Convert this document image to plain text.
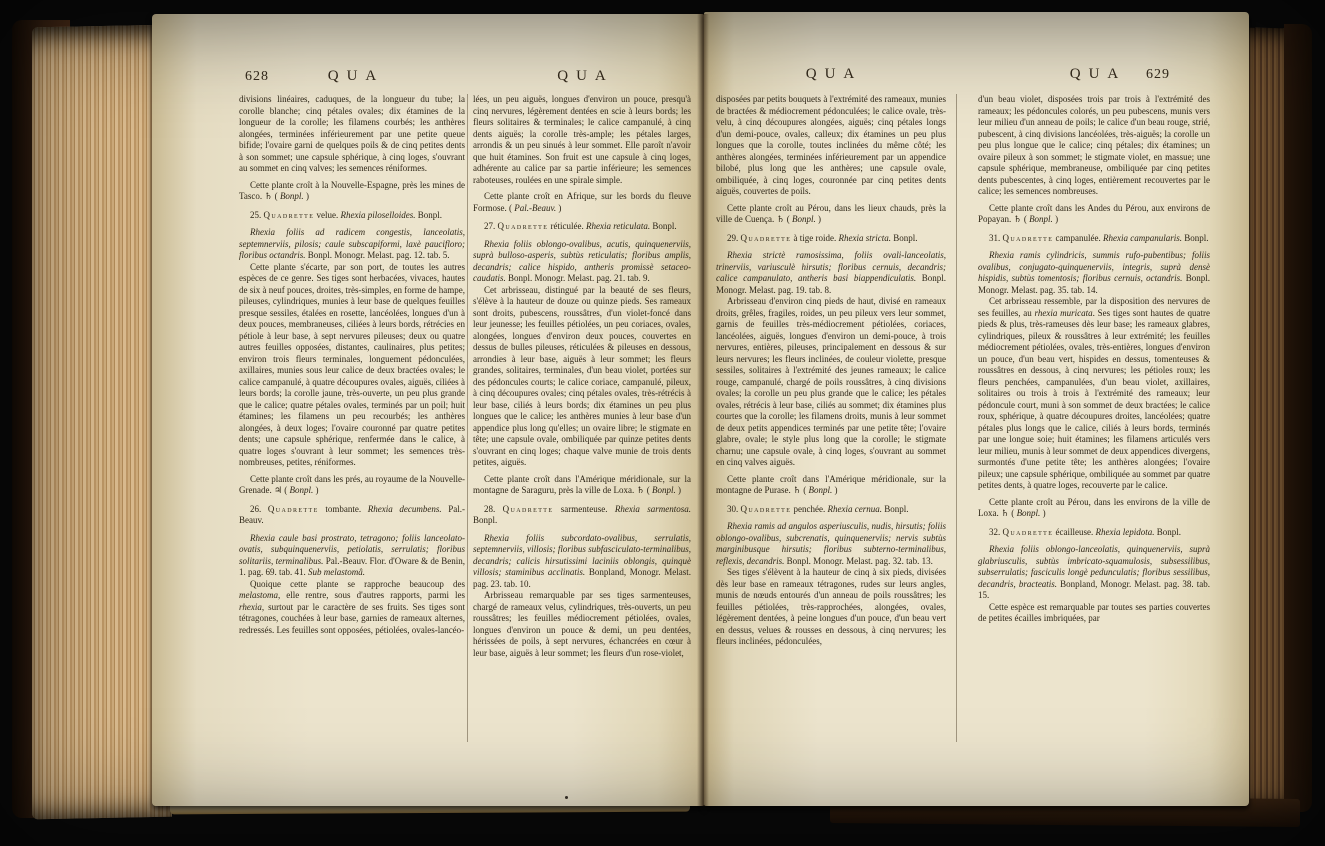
628	QUA	QUA

divisions linéaires, caduques, de la longueur du tube; la corolle blanche; cinq pétales ovales; dix étamines de la longueur de la corolle; les filamens courbés; les anthères alongées, terminées inférieurement par une petite queue bifide; l'ovaire garni de quelques poils & de cinq petites dents à son sommet; une capsule sphérique, à cinq loges, s'ouvrant au sommet en cinq valves; les semences réniformes.

Cette plante croît à la Nouvelle-Espagne, près les mines de Tasco. ♄ ( Bonpl. )

25. Quadrette velue. Rhexia piloselloides. Bonpl.

Rhexia foliis ad radicem congestis, lanceolatis, septemnerviis, pilosis; caule subscapiformi, laxè paucifloro; floribus octandris. Bonpl. Monogr. Melast. pag. 12. tab. 5.

Cette plante s'écarte, par son port, de toutes les autres espèces de ce genre. Ses tiges sont herbacées, vivaces, hautes de six à neuf pouces, droites, très-simples, en forme de hampe, pileuses, cylindriques, munies à leur base de quelques feuilles presque sessiles, étalées en rosette, lancéolées, longues d'un à deux pouces, membraneuses, ciliées à leurs bords, rétrécies en pétiole à leur base, à sept nervures pileuses; deux ou quatre autres feuilles opposées, distantes, caulinaires, plus petites; environ trois fleurs terminales, longuement pédonculées, axillaires, munies sous leur calice de deux bractées ovales; le calice campanulé, à quatre découpures ovales, aiguës, ciliées à leurs bords; la corolle jaune, très-ouverte, un peu plus grande que le calice; quatre pétales ovales, terminés par un poil; huit étamines; les filamens un peu recourbés; les anthères alongées, à deux loges; l'ovaire couronné par quatre petites dents; une capsule sphérique, renfermée dans le calice, à quatre loges s'ouvrant à leur sommet; les semences très-nombreuses, petites, réniformes.

Cette plante croît dans les prés, au royaume de la Nouvelle-Grenade. ♃ ( Bonpl. )

26. Quadrette tombante. Rhexia decumbens. Pal.-Beauv.

Rhexia caule basi prostrato, tetragono; foliis lanceolato-ovatis, subquinquenerviis, petiolatis, serrulatis; floribus solitariis, terminalibus. Pal.-Beauv. Flor. d'Oware & de Benin, 1. pag. 69. tab. 41. Sub melastomâ.

Quoique cette plante se rapproche beaucoup des melastoma, elle rentre, sous d'autres rapports, parmi les rhexia, surtout par le caractère de ses fruits. Ses tiges sont tétragones, couchées à leur base, garnies de rameaux alternes, redressés. Les feuilles sont opposées, pétiolées, ovales-lancéo-

lées, un peu aiguës, longues d'environ un pouce, presqu'à cinq nervures, légèrement dentées en scie à leurs bords; les fleurs solitaires & terminales; le calice campanulé, à cinq dents aiguës; la corolle très-ample; les pétales larges, arrondis & un peu sinués à leur sommet. Elle paroît n'avoir que huit étamines. Son fruit est une capsule à cinq loges, adhérente au calice par sa partie inférieure; les semences raboteuses, roulées en une spirale simple.

Cette plante croît en Afrique, sur les bords du fleuve Formose. ( Pal.-Beauv. )

27. Quadrette réticulée. Rhexia reticulata. Bonpl.

Rhexia foliis oblongo-ovalibus, acutis, quinquenerviis, suprà bulloso-asperis, subtùs reticulatis; floribus amplis, decandris; calice hispido, antheris promissè setaceo-caudatis. Bonpl. Monogr. Melast. pag. 21. tab. 9.

Cet arbrisseau, distingué par la beauté de ses fleurs, s'élève à la hauteur de douze ou quinze pieds. Ses rameaux sont droits, pubescens, roussâtres, d'un violet-foncé dans leur jeunesse; les feuilles pétiolées, un peu coriaces, ovales, alongées, longues d'environ deux pouces, couvertes en dessus de bulles pileuses, réticulées & pileuses en dessous, arrondies à leur base, aiguës à leur sommet; les fleurs grandes, solitaires, terminales, d'un beau violet, portées sur des pédoncules courts; le calice coriace, campanulé, pileux, à cinq découpures ovales; cinq pétales ovales, très-rétrécis à leur base, ciliés à leurs bords; dix étamines un peu plus longues que le calice; les anthères munies à leur base d'un appendice plus long qu'elles; un ovaire libre; le stigmate en tête; une capsule ovale, ombiliquée par quinze petites dents s'ouvrant en cinq loges; chaque valve munie de trois dents petites, aiguës.

Cette plante croît dans l'Amérique méridionale, sur la montagne de Saraguru, près la ville de Loxa. ♄ ( Bonpl. )

28. Quadrette sarmenteuse. Rhexia sarmentosa. Bonpl.

Rhexia foliis subcordato-ovalibus, serrulatis, septemnerviis, villosis; floribus subfasciculato-terminalibus, decandris; calicis hirsutissimi laciniis oblongis, quinquè villosis; staminibus acclinatis. Bonpland, Monogr. Melast. pag. 23. tab. 10.

Arbrisseau remarquable par ses tiges sarmenteuses, chargé de rameaux velus, cylindriques, très-ouverts, un peu roussâtres; les feuilles médiocrement pétiolées, ovales, longues d'environ un pouce & demi, un peu dentées, hérissées de poils, à sept nervures, échancrées en cœur à leur base, aiguës à leur sommet; les fleurs d'un rose-violet,

QUA	QUA	629

disposées par petits bouquets à l'extrémité des rameaux, munies de bractées & médiocrement pédonculées; le calice ovale, très-velu, à cinq découpures alongées, aiguës; cinq pétales longs d'un demi-pouce, ovales, calleux; dix étamines un peu plus longues que la corolle, toutes inclinées du même côté; les anthères alongées, terminées inférieurement par un appendice bilobé, plus long que les anthères; une capsule ovale, ombiliquée, à cinq loges, couronnée par cinq petites dents aiguës, couvertes de poils.

Cette plante croît au Pérou, dans les lieux chauds, près la ville de Cuença. ♄ ( Bonpl. )

29. Quadrette à tige roide. Rhexia stricta. Bonpl.

Rhexia strictè ramosissima, foliis ovali-lanceolatis, trinerviis, variusculè hirsutis; floribus cernuis, decandris; calice campanulato, antheris basi biappendiculatis. Bonpl. Monogr. Melast. pag. 19. tab. 8.

Arbrisseau d'environ cinq pieds de haut, divisé en rameaux droits, grêles, fragiles, roides, un peu pileux vers leur sommet, garnis de feuilles très-médiocrement pétiolées, coriaces, lancéolées, aiguës, longues d'environ un demi-pouce, à trois nervures, entières, pileuses, principalement en dessous & sur leurs nervures; les fleurs inclinées, de couleur violette, presque sessiles, solitaires à l'extrémité des jeunes rameaux; le calice rouge, campanulé, chargé de poils roussâtres, à cinq divisions ovales; la corolle un peu plus grande que le calice; les pétales ovales, rétrécis à leur base, ciliés au sommet; dix étamines plus courtes que la corolle; les filamens droits, munis à leur sommet de deux petits appendices terminés par une petite tête; l'ovaire glabre, ovale; le style plus long que la corolle; le stigmate charnu; une capsule ovale, à cinq loges, s'ouvrant au sommet en cinq valves aiguës.

Cette plante croît dans l'Amérique méridionale, sur la montagne de Purase. ♄ ( Bonpl. )

30. Quadrette penchée. Rhexia cernua. Bonpl.

Rhexia ramis ad angulos asperiusculis, nudis, hirsutis; foliis oblongo-ovalibus, subcrenatis, quinquenerviis; nervis subtùs marginibusque hirsutis; floribus subterno-terminalibus, reflexis, decandris. Bonpl. Monogr. Melast. pag. 32. tab. 13.

Ses tiges s'élèvent à la hauteur de cinq à six pieds, divisées dès leur base en rameaux tétragones, rudes sur leurs angles, munis de nœuds entourés d'un anneau de poils roussâtres; les feuilles pétiolées, très-rapprochées, alongées, ovales, légèrement dentées, à peine longues d'un pouce, d'un beau vert en dessus, velues & rousses en dessous, à cinq nervures; les fleurs inclinées, pédonculées,

d'un beau violet, disposées trois par trois à l'extrémité des rameaux; les pédoncules colorés, un peu pubescens, munis vers leur milieu d'un anneau de poils; le calice d'un beau rouge, strié, pubescent, à cinq divisions lancéolées, très-aiguës; la corolle un peu plus longue que le calice; cinq pétales; dix étamines; un ovaire pileux à son sommet; le stigmate violet, en massue; une capsule sphérique, membraneuse, ombiliquée par cinq petites dents pubescentes, à cinq loges, entièrement recouvertes par le calice; les semences nombreuses.

Cette plante croît dans les Andes du Pérou, aux environs de Popayan. ♄ ( Bonpl. )

31. Quadrette campanulée. Rhexia campanularis. Bonpl.

Rhexia ramis cylindricis, summis rufo-pubentibus; foliis ovalibus, conjugato-quinquenerviis, integris, suprà densè hispidis, subtùs tomentosis; floribus cernuis, octandris. Bonpl. Monogr. Melast. pag. 35. tab. 14.

Cet arbrisseau ressemble, par la disposition des nervures de ses feuilles, au rhexia muricata. Ses tiges sont hautes de quatre pieds & plus, très-rameuses dès leur base; les rameaux glabres, cylindriques, pileux & roussâtres à leur extrémité; les feuilles médiocrement pétiolées, ovales, très-entières, longues d'environ un pouce, d'un beau vert, hispides en dessus, tomenteuses & roussâtres en dessous, à cinq nervures; les pétioles roux; les fleurs penchées, campanulées, d'un beau violet, axillaires, solitaires ou trois à trois à l'extrémité des rameaux; leur pédoncule court, muni à son sommet de deux bractées; le calice roux, sphérique, à quatre découpures droites, lancéolées; quatre pétales plus longs que le calice, ciliés à leurs bords, terminés par une longue soie; huit étamines; les filamens articulés vers leur milieu, munis à leur sommet de deux appendices divergens, surmontés d'une petite tête; les anthères alongées; l'ovaire pileux; une capsule sphérique, ombiliquée au sommet par quatre petites dents, à quatre loges, recouverte par le calice.

Cette plante croît au Pérou, dans les environs de la ville de Loxa. ♄ ( Bonpl. )

32. Quadrette écailleuse. Rhexia lepidota. Bonpl.

Rhexia foliis oblongo-lanceolatis, quinquenerviis, suprà glabriusculis, subtùs imbricato-squamulosis, subsessilibus, subserrulatis; fasciculis longè pedunculatis; floribus sessilibus, decandris, bracteatis. Bonpland, Monogr. Melast. pag. 38. tab. 15.

Cette espèce est remarquable par toutes ses parties couvertes de petites écailles imbriquées, par
